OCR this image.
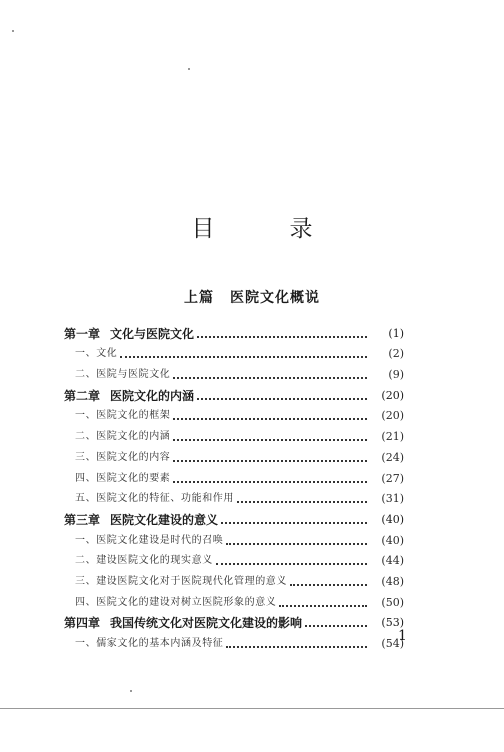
目　录
上篇 医院文化概说
第一章 文化与医院文化	(1)
一、文化	(2)
二、医院与医院文化	(9)
第二章 医院文化的内涵	(20)
一、医院文化的框架	(20)
二、医院文化的内涵	(21)
三、医院文化的内容	(24)
四、医院文化的要素	(27)
五、医院文化的特征、功能和作用	(31)
第三章 医院文化建设的意义	(40)
一、医院文化建设是时代的召唤	(40)
二、建设医院文化的现实意义	(44)
三、建设医院文化对于医院现代化管理的意义	(48)
四、医院文化的建设对树立医院形象的意义	(50)
第四章 我国传统文化对医院文化建设的影响	(53)
一、儒家文化的基本内涵及特征	(54)
1
